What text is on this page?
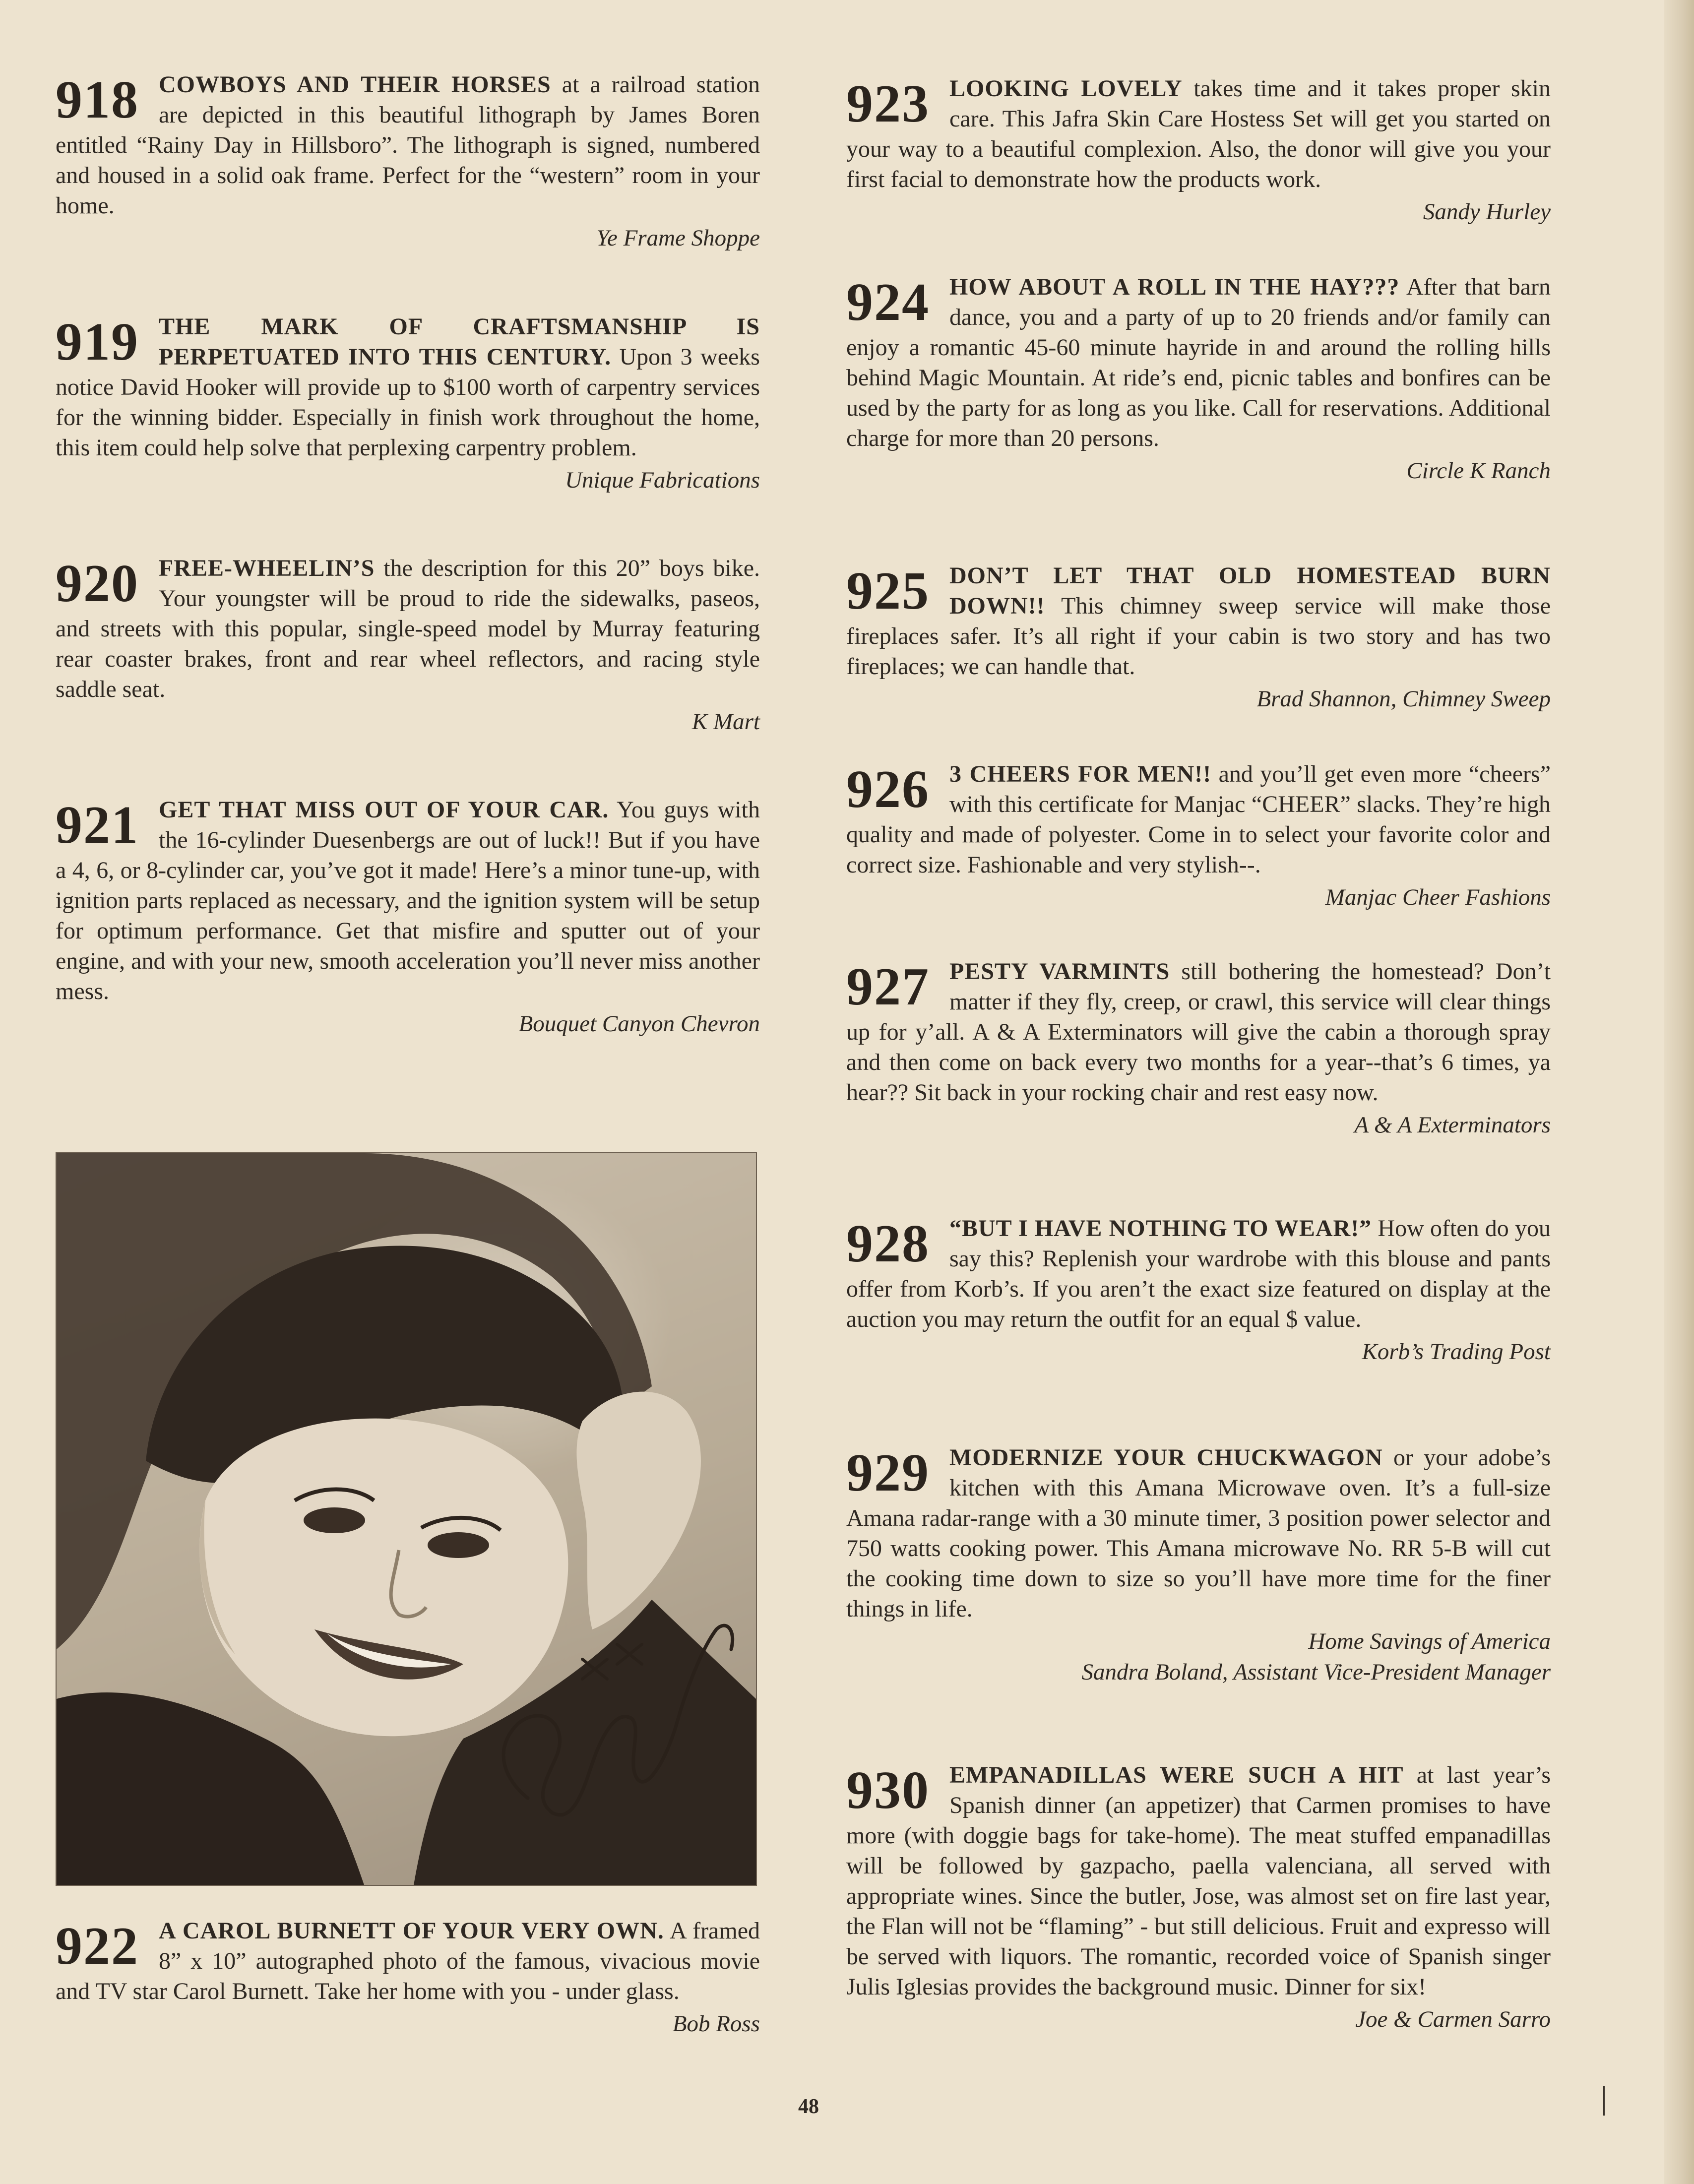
918 COWBOYS AND THEIR HORSES at a railroad station are depicted in this beautiful lithograph by James Boren entitled “Rainy Day in Hillsboro”. The lithograph is signed, numbered and housed in a solid oak frame. Perfect for the “western” room in your home.

Ye Frame Shoppe

919 THE MARK OF CRAFTSMANSHIP IS PERPETUATED INTO THIS CENTURY. Upon 3 weeks notice David Hooker will provide up to $100 worth of carpentry services for the winning bidder. Especially in finish work throughout the home, this item could help solve that perplexing carpentry problem.

Unique Fabrications

920 FREE-WHEELIN’S the description for this 20” boys bike. Your youngster will be proud to ride the sidewalks, paseos, and streets with this popular, single-speed model by Murray featuring rear coaster brakes, front and rear wheel reflectors, and racing style saddle seat.

K Mart

921 GET THAT MISS OUT OF YOUR CAR. You guys with the 16-cylinder Duesenbergs are out of luck!! But if you have a 4, 6, or 8-cylinder car, you’ve got it made! Here’s a minor tune-up, with ignition parts replaced as necessary, and the ignition system will be setup for optimum performance. Get that misfire and sputter out of your engine, and with your new, smooth acceleration you’ll never miss another mess.

Bouquet Canyon Chevron

922 A CAROL BURNETT OF YOUR VERY OWN. A framed 8” x 10” autographed photo of the famous, vivacious movie and TV star Carol Burnett. Take her home with you - under glass.

Bob Ross

923 LOOKING LOVELY takes time and it takes proper skin care. This Jafra Skin Care Hostess Set will get you started on your way to a beautiful complexion. Also, the donor will give you your first facial to demonstrate how the products work.

Sandy Hurley

924 HOW ABOUT A ROLL IN THE HAY??? After that barn dance, you and a party of up to 20 friends and/or family can enjoy a romantic 45-60 minute hayride in and around the rolling hills behind Magic Mountain. At ride’s end, picnic tables and bonfires can be used by the party for as long as you like. Call for reservations. Additional charge for more than 20 persons.

Circle K Ranch

925 DON’T LET THAT OLD HOMESTEAD BURN DOWN!! This chimney sweep service will make those fireplaces safer. It’s all right if your cabin is two story and has two fireplaces; we can handle that.

Brad Shannon, Chimney Sweep

926 3 CHEERS FOR MEN!! and you’ll get even more “cheers” with this certificate for Manjac “CHEER” slacks. They’re high quality and made of polyester. Come in to select your favorite color and correct size. Fashionable and very stylish--.

Manjac Cheer Fashions

927 PESTY VARMINTS still bothering the homestead? Don’t matter if they fly, creep, or crawl, this service will clear things up for y’all. A & A Exterminators will give the cabin a thorough spray and then come on back every two months for a year--that’s 6 times, ya hear?? Sit back in your rocking chair and rest easy now.

A & A Exterminators

928 “BUT I HAVE NOTHING TO WEAR!” How often do you say this? Replenish your wardrobe with this blouse and pants offer from Korb’s. If you aren’t the exact size featured on display at the auction you may return the outfit for an equal $ value.

Korb’s Trading Post

929 MODERNIZE YOUR CHUCKWAGON or your adobe’s kitchen with this Amana Microwave oven. It’s a full-size Amana radar-range with a 30 minute timer, 3 position power selector and 750 watts cooking power. This Amana microwave No. RR 5-B will cut the cooking time down to size so you’ll have more time for the finer things in life.

Home Savings of America
Sandra Boland, Assistant Vice-President Manager

930 EMPANADILLAS WERE SUCH A HIT at last year’s Spanish dinner (an appetizer) that Carmen promises to have more (with doggie bags for take-home). The meat stuffed empanadillas will be followed by gazpacho, paella valenciana, all served with appropriate wines. Since the butler, Jose, was almost set on fire last year, the Flan will not be “flaming” - but still delicious. Fruit and expresso will be served with liquors. The romantic, recorded voice of Spanish singer Julis Iglesias provides the background music. Dinner for six!

Joe & Carmen Sarro
48
